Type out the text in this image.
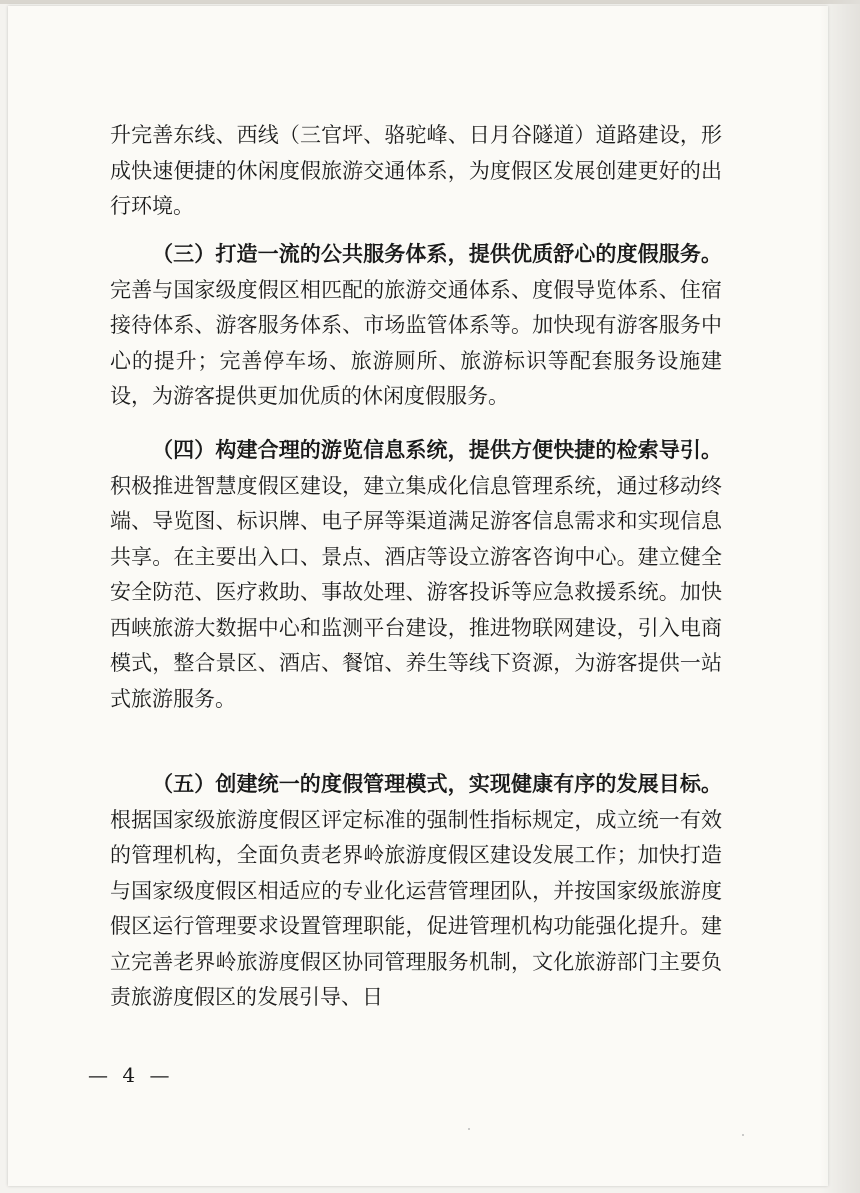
升完善东线、西线（三官坪、骆驼峰、日月谷隧道）道路建设，形成快速便捷的休闲度假旅游交通体系，为度假区发展创建更好的出行环境。

（三）打造一流的公共服务体系，提供优质舒心的度假服务。完善与国家级度假区相匹配的旅游交通体系、度假导览体系、住宿接待体系、游客服务体系、市场监管体系等。加快现有游客服务中心的提升；完善停车场、旅游厕所、旅游标识等配套服务设施建设，为游客提供更加优质的休闲度假服务。

（四）构建合理的游览信息系统，提供方便快捷的检索导引。积极推进智慧度假区建设，建立集成化信息管理系统，通过移动终端、导览图、标识牌、电子屏等渠道满足游客信息需求和实现信息共享。在主要出入口、景点、酒店等设立游客咨询中心。建立健全安全防范、医疗救助、事故处理、游客投诉等应急救援系统。加快西峡旅游大数据中心和监测平台建设，推进物联网建设，引入电商模式，整合景区、酒店、餐馆、养生等线下资源，为游客提供一站式旅游服务。

（五）创建统一的度假管理模式，实现健康有序的发展目标。根据国家级旅游度假区评定标准的强制性指标规定，成立统一有效的管理机构，全面负责老界岭旅游度假区建设发展工作；加快打造与国家级度假区相适应的专业化运营管理团队，并按国家级旅游度假区运行管理要求设置管理职能，促进管理机构功能强化提升。建立完善老界岭旅游度假区协同管理服务机制，文化旅游部门主要负责旅游度假区的发展引导、日

— 4 —
